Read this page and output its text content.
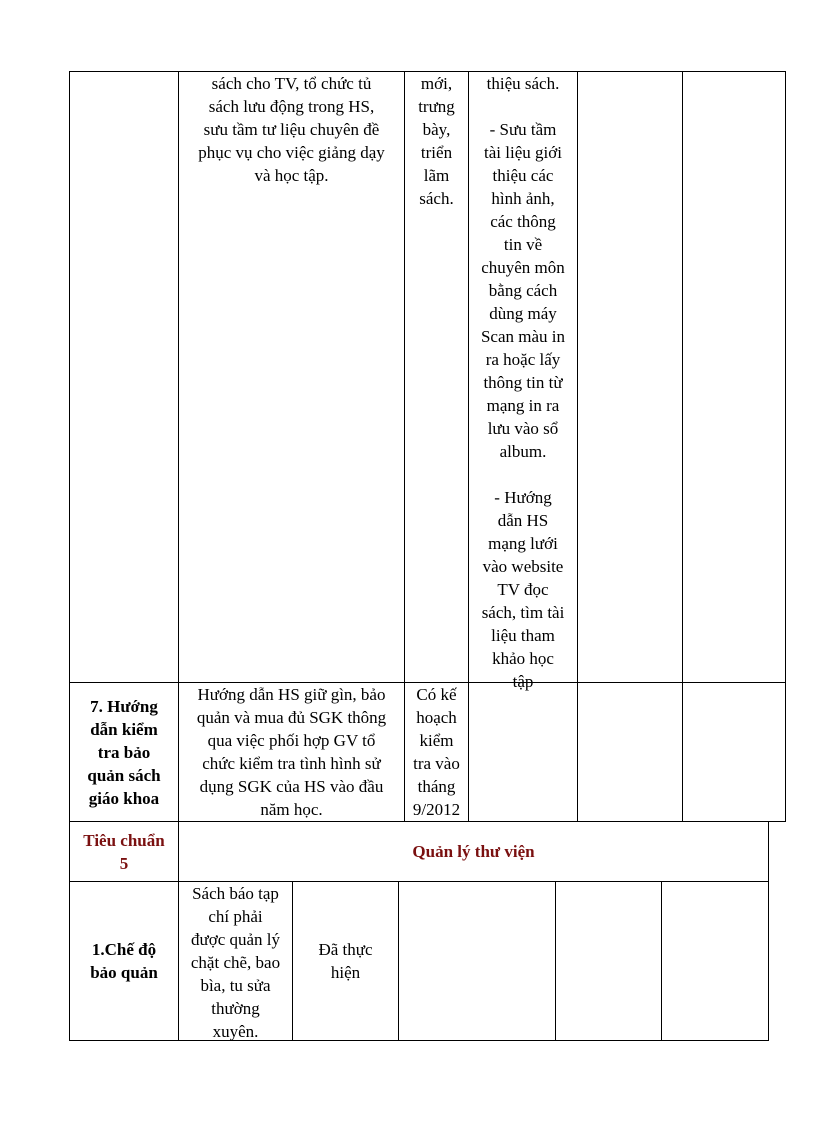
sách cho TV, tổ chức tủ
sách lưu động trong HS,
sưu tầm tư liệu chuyên đề
phục vụ cho việc giảng dạy
và học tập.
mới,
trưng
bày,
triển
lãm
sách.
thiệu sách.

- Sưu tầm
tài liệu giới
thiệu các
hình ảnh,
các thông
tin về
chuyên môn
bằng cách
dùng máy
Scan màu in
ra hoặc lấy
thông tin từ
mạng in ra
lưu vào sổ
album.

- Hướng
dẫn HS
mạng lưới
vào website
TV đọc
sách, tìm tài
liệu tham
khảo học
tập
7. Hướng
dẫn kiểm
tra bảo
quản sách
giáo khoa
Hướng dẫn HS giữ gìn, bảo
quản và mua đủ SGK thông
qua việc phối hợp GV tổ
chức kiểm tra tình hình sử
dụng SGK của HS vào đầu
năm học.
Có kế
hoạch
kiểm
tra vào
tháng
9/2012
Tiêu chuẩn
5
Quản lý thư viện
1.Chế độ
bảo quản
Sách báo tạp
chí phải
được quản lý
chặt chẽ, bao
bìa, tu sửa
thường
xuyên.
Đã thực
hiện
